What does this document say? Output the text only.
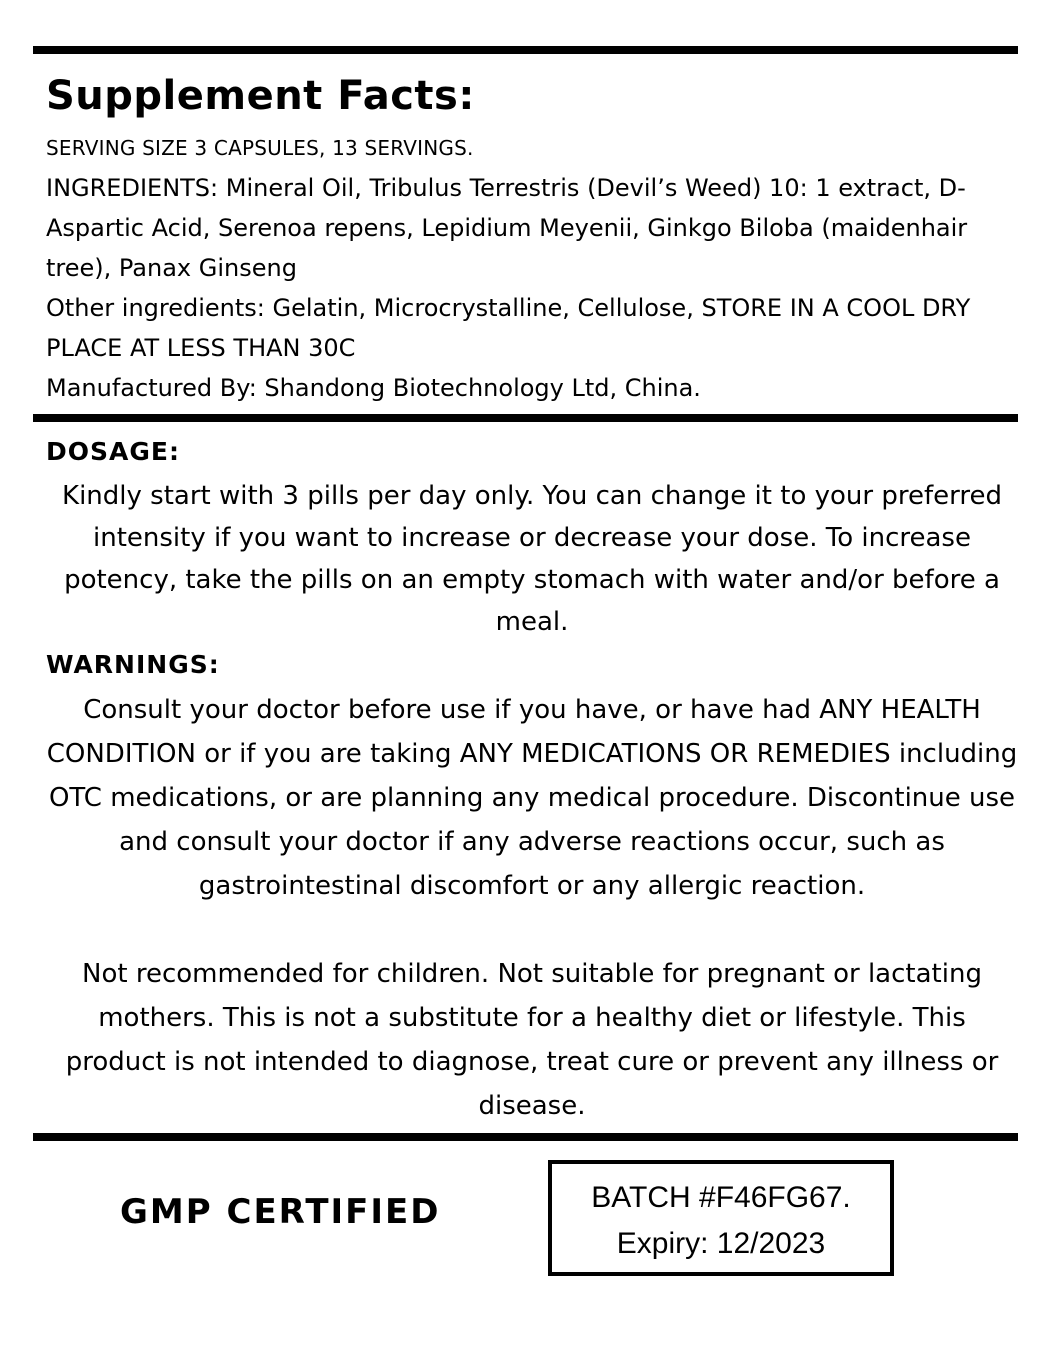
Supplement Facts:

SERVING SIZE 3 CAPSULES, 13 SERVINGS.

INGREDIENTS: Mineral Oil, Tribulus Terrestris (Devil’s Weed) 10: 1 extract, D-Aspartic Acid, Serenoa repens, Lepidium Meyenii, Ginkgo Biloba (maidenhair tree), Panax Ginseng

Other ingredients: Gelatin, Microcrystalline, Cellulose, STORE IN A COOL DRY PLACE AT LESS THAN 30C

Manufactured By: Shandong Biotechnology Ltd, China.

DOSAGE:

Kindly start with 3 pills per day only. You can change it to your preferred intensity if you want to increase or decrease your dose. To increase potency, take the pills on an empty stomach with water and/or before a meal.

WARNINGS:

Consult your doctor before use if you have, or have had ANY HEALTH CONDITION or if you are taking ANY MEDICATIONS OR REMEDIES including OTC medications, or are planning any medical procedure. Discontinue use and consult your doctor if any adverse reactions occur, such as gastrointestinal discomfort or any allergic reaction.

Not recommended for children. Not suitable for pregnant or lactating mothers. This is not a substitute for a healthy diet or lifestyle. This product is not intended to diagnose, treat cure or prevent any illness or disease.

GMP CERTIFIED	BATCH #F46FG67.

Expiry: 12/2023
